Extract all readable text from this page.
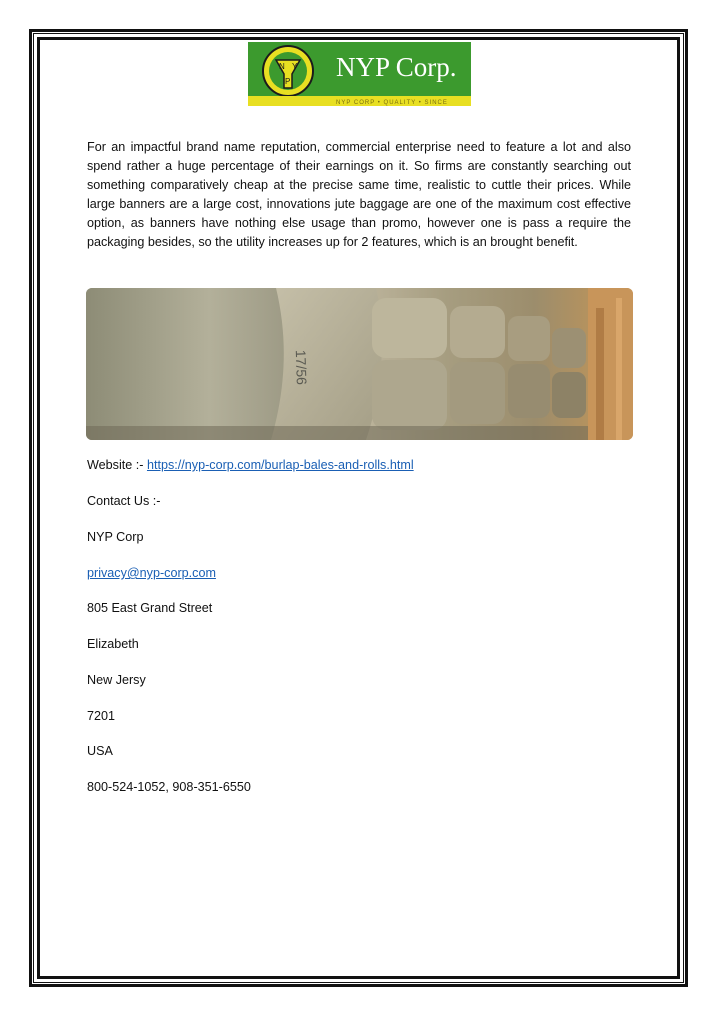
N Y
P NYP Corp.
NYP CORP • QUALITY • SINCE

For an impactful brand name reputation, commercial enterprise need to feature a lot and also spend rather a huge percentage of their earnings on it. So firms are constantly searching out something comparatively cheap at the precise same time, realistic to cuttle their prices. While large banners are a large cost, innovations jute baggage are one of the maximum cost effective option, as banners have nothing else usage than promo, however one is pass a require the packaging besides, so the utility increases up for 2 features, which is an brought benefit.

17/56
Website :- https://nyp-corp.com/burlap-bales-and-rolls.html
Contact Us :-
NYP Corp
privacy@nyp-corp.com
805 East Grand Street
Elizabeth
New Jersy
7201
USA
800-524-1052, 908-351-6550
